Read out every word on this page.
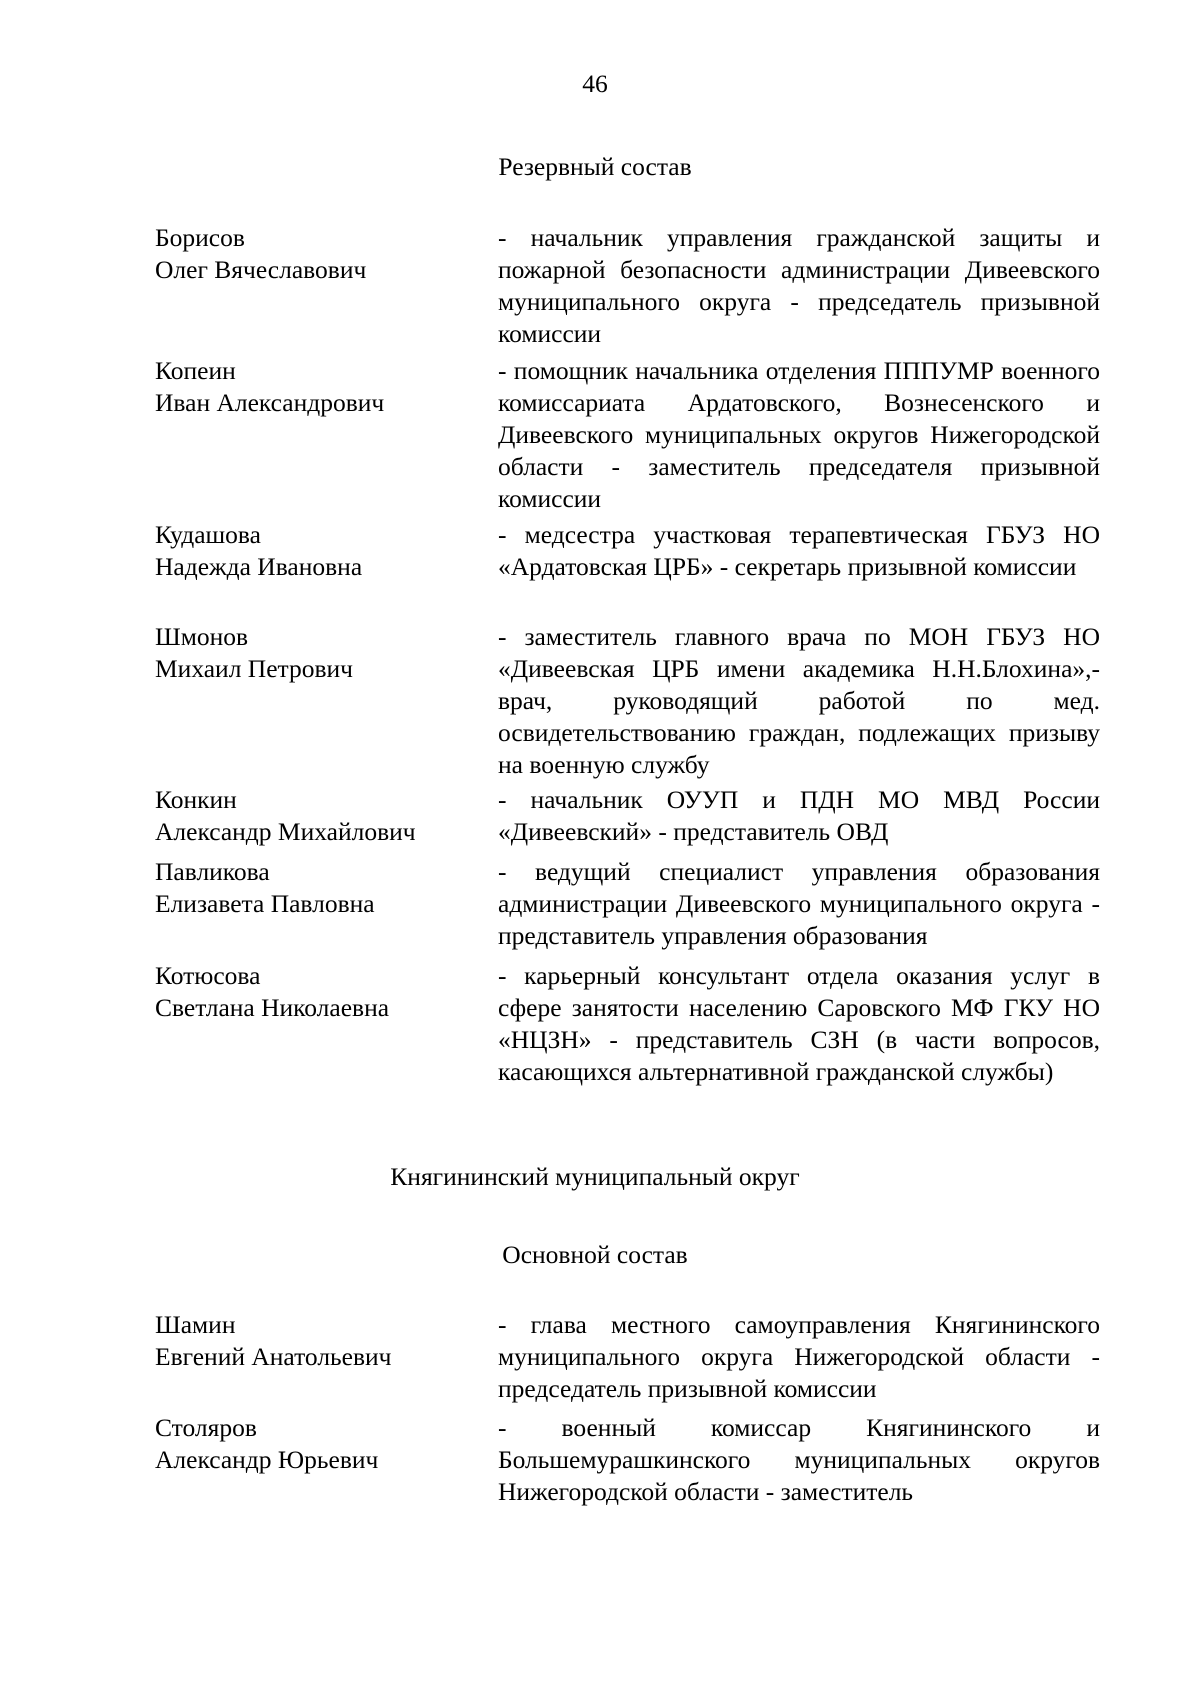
46
Резервный состав
Борисов
Олег Вячеславович
- начальник управления гражданской защиты и пожарной безопасности администрации Дивеевского муниципального округа - председатель призывной комиссии
Копеин
Иван Александрович
- помощник начальника отделения ПППУМР военного комиссариата Ардатовского, Вознесенского и Дивеевского муниципальных округов Нижегородской области - заместитель председателя призывной комиссии
Кудашова
Надежда Ивановна
- медсестра участковая терапевтическая ГБУЗ НО «Ардатовская ЦРБ» - секретарь призывной комиссии
Шмонов
Михаил Петрович
- заместитель главного врача по МОН ГБУЗ НО «Дивеевская ЦРБ имени академика Н.Н.Блохина»,- врач, руководящий работой по мед. освидетельствованию граждан, подлежащих призыву на военную службу
Конкин
Александр Михайлович
- начальник ОУУП и ПДН МО МВД России «Дивеевский» - представитель ОВД
Павликова
Елизавета Павловна
- ведущий специалист управления образования администрации Дивеевского муниципального округа - представитель управления образования
Котюсова
Светлана Николаевна
- карьерный консультант отдела оказания услуг в сфере занятости населению Саровского МФ ГКУ НО «НЦЗН» - представитель СЗН (в части вопросов, касающихся альтернативной гражданской службы)
Княгининский муниципальный округ
Основной состав
Шамин
Евгений Анатольевич
- глава местного самоуправления Княгининского муниципального округа Нижегородской области - председатель призывной комиссии
Столяров
Александр Юрьевич
- военный комиссар Княгининского и Большемурашкинского муниципальных округов Нижегородской области - заместитель
